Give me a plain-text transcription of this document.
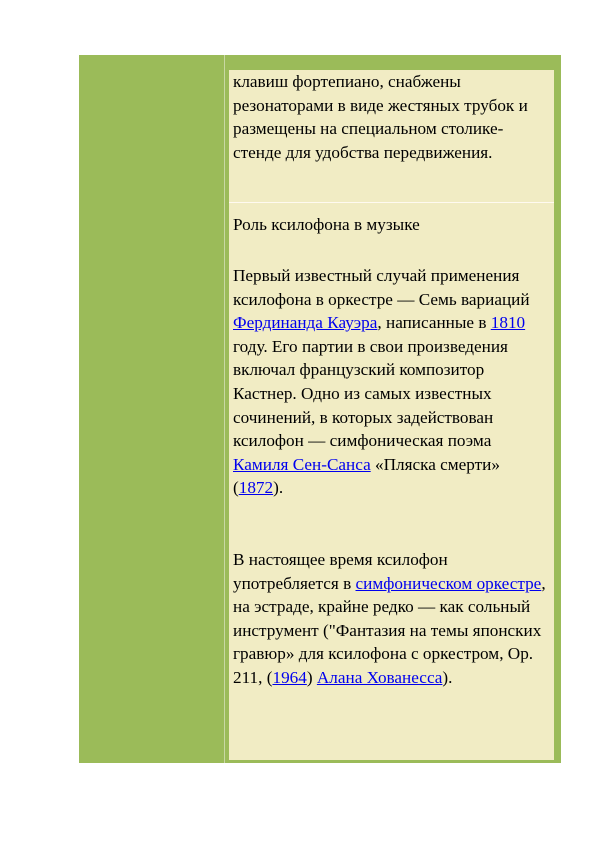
клавиш фортепиано, снабжены резонаторами в виде жестяных трубок и размещены на специальном столике-стенде для удобства передвижения.
Роль ксилофона в музыке
Первый известный случай применения ксилофона в оркестре — Семь вариаций Фердинанда Кауэра, написанные в 1810 году. Его партии в свои произведения включал французский композитор Кастнер. Одно из самых известных сочинений, в которых задействован ксилофон — симфоническая поэма Камиля Сен-Санса «Пляска смерти» (1872).
В настоящее время ксилофон употребляется в симфоническом оркестре, на эстраде, крайне редко — как сольный инструмент ("Фантазия на темы японских гравюр» для ксилофона с оркестром, Op. 211, (1964) Алана Хованесса).
